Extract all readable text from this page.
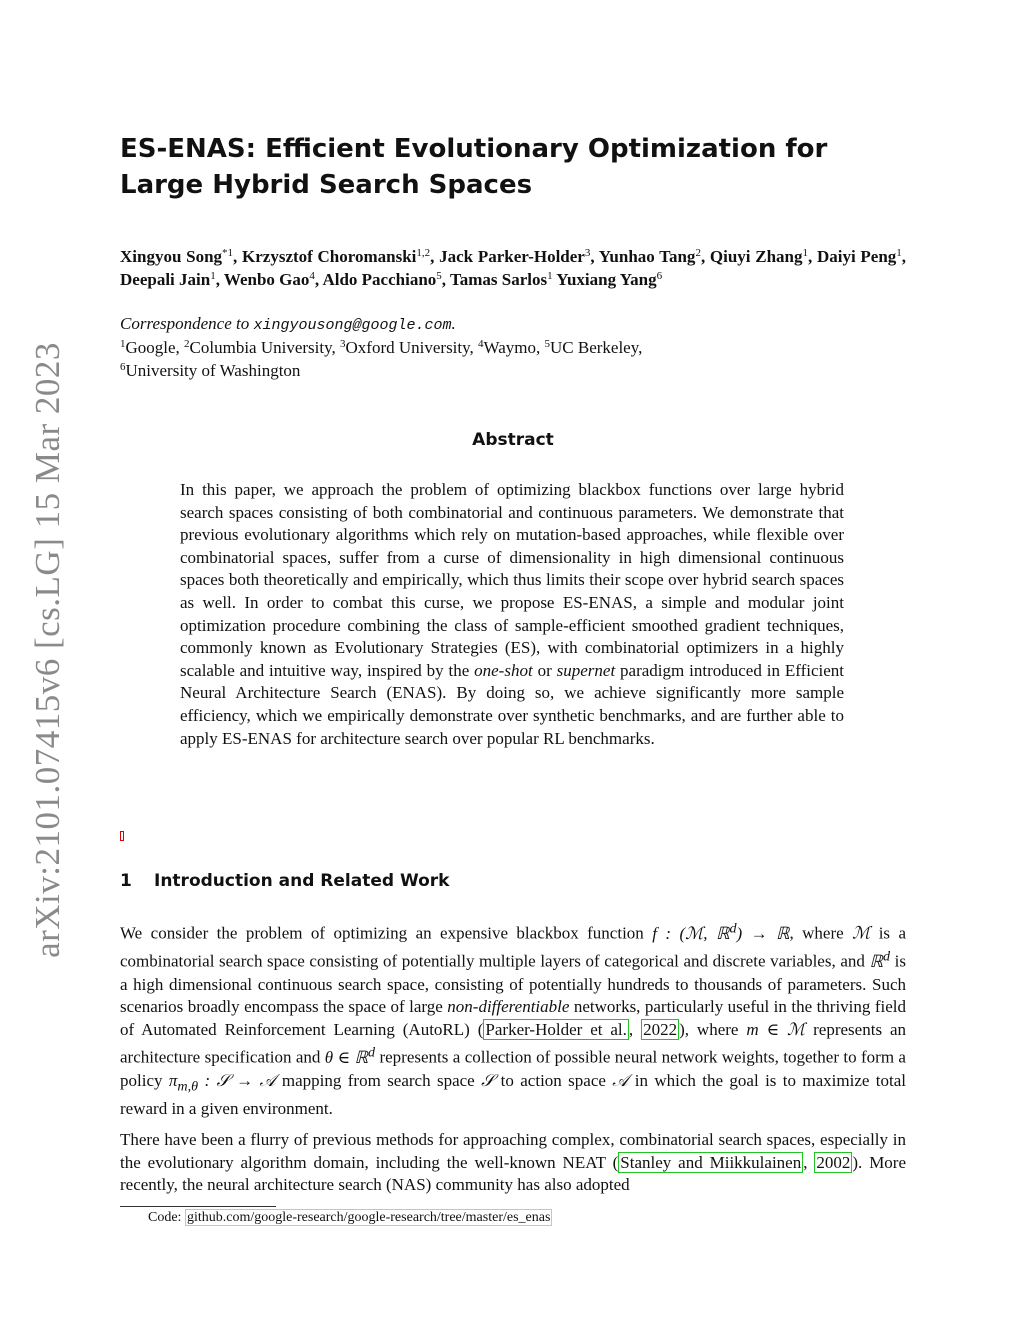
arXiv:2101.07415v6 [cs.LG] 15 Mar 2023
ES-ENAS: Efficient Evolutionary Optimization for Large Hybrid Search Spaces
Xingyou Song$^{*1}$, Krzysztof Choromanski$^{1,2}$, Jack Parker-Holder$^3$, Yunhao Tang$^2$, Qiuyi Zhang$^1$, Daiyi Peng$^1$, Deepali Jain$^1$, Wenbo Gao$^4$, Aldo Pacchiano$^5$, Tamas Sarlos$^1$ Yuxiang Yang$^6$
Correspondence to xingyousong@google.com.
$^1$Google, $^2$Columbia University, $^3$Oxford University, $^4$Waymo, $^5$UC Berkeley,
$^6$University of Washington
Abstract

In this paper, we approach the problem of optimizing blackbox functions over large hybrid search spaces consisting of both combinatorial and continuous parameters. We demonstrate that previous evolutionary algorithms which rely on mutation-based approaches, while flexible over combinatorial spaces, suffer from a curse of dimensionality in high dimensional continuous spaces both theoretically and empirically, which thus limits their scope over hybrid search spaces as well. In order to combat this curse, we propose ES-ENAS, a simple and modular joint optimization procedure combining the class of sample-efficient smoothed gradient techniques, commonly known as Evolutionary Strategies (ES), with combinatorial optimizers in a highly scalable and intuitive way, inspired by the one-shot or supernet paradigm introduced in Efficient Neural Architecture Search (ENAS). By doing so, we achieve significantly more sample efficiency, which we empirically demonstrate over synthetic benchmarks, and are further able to apply ES-ENAS for architecture search over popular RL benchmarks.

1 Introduction and Related Work

We consider the problem of optimizing an expensive blackbox function f : (ℳ, ℝ$^d$) → ℝ, where ℳ is a combinatorial search space consisting of potentially multiple layers of categorical and discrete variables, and ℝ$^d$ is a high dimensional continuous search space, consisting of potentially hundreds to thousands of parameters. Such scenarios broadly encompass the space of large non-differentiable networks, particularly useful in the thriving field of Automated Reinforcement Learning (AutoRL) ( Parker-Holder et al. , 2022 ), where m ∈ ℳ represents an architecture specification and θ ∈ ℝ$^d$ represents a collection of possible neural network weights, together to form a policy $\pi_{m,\theta}$ : 𝒮 → 𝒜 mapping from search space 𝒮 to action space 𝒜 in which the goal is to maximize total reward in a given environment.

There have been a flurry of previous methods for approaching complex, combinatorial search spaces, especially in the evolutionary algorithm domain, including the well-known NEAT ( Stanley and Miikkulainen , 2002 ). More recently, the neural architecture search (NAS) community has also adopted

Code: github.com/google-research/google-research/tree/master/es_enas
